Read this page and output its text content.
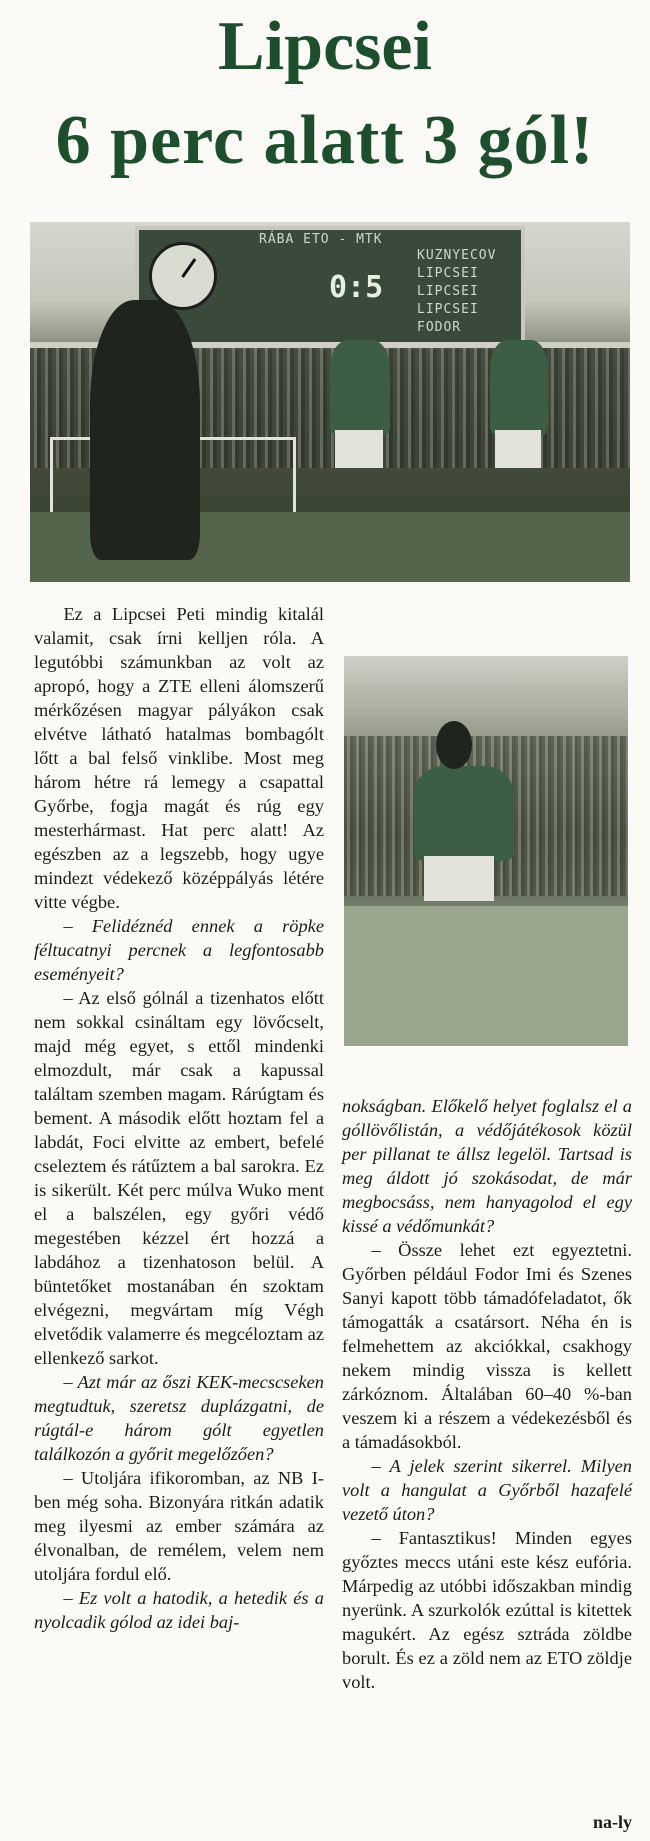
Lipcsei
6 perc alatt 3 gól!
RÁBA ETO - MTK
0:5
KUZNYECOV
LIPCSEI
LIPCSEI
LIPCSEI
FODOR

Ez a Lipcsei Peti mindig kitalál valamit, csak írni kelljen róla. A legutóbbi számunkban az volt az apropó, hogy a ZTE elleni álomszerű mérkőzésen magyar pályákon csak elvétve látható hatalmas bombagólt lőtt a bal felső vinklibe. Most meg három hétre rá lemegy a csapattal Győrbe, fogja magát és rúg egy mesterhármast. Hat perc alatt! Az egészben az a legszebb, hogy ugye mindezt védekező középpályás létére vitte végbe.

– Felidéznéd ennek a röpke féltucatnyi percnek a legfontosabb eseményeit?

– Az első gólnál a tizenhatos előtt nem sokkal csináltam egy lövőcselt, majd még egyet, s ettől mindenki elmozdult, már csak a kapussal találtam szemben magam. Rárúgtam és bement. A második előtt hoztam fel a labdát, Foci elvitte az embert, befelé cseleztem és rátűztem a bal sarokra. Ez is sikerült. Két perc múlva Wuko ment el a balszélen, egy győri védő megestében kézzel ért hozzá a labdához a tizenhatoson belül. A büntetőket mostanában én szoktam elvégezni, megvártam míg Végh elvetődik valamerre és megcéloztam az ellenkező sarkot.

– Azt már az őszi KEK-mecscseken megtudtuk, szeretsz duplázgatni, de rúgtál-e három gólt egyetlen találkozón a győrit megelőzően?

– Utoljára ifikoromban, az NB I-ben még soha. Bizonyára ritkán adatik meg ilyesmi az ember számára az élvonalban, de remélem, velem nem utoljára fordul elő.

– Ez volt a hatodik, a hetedik és a nyolcadik gólod az idei baj-

nokságban. Előkelő helyet foglalsz el a góllövőlistán, a védőjátékosok közül per pillanat te állsz legelöl. Tartsad is meg áldott jó szokásodat, de már megbocsáss, nem hanyagolod el egy kissé a védőmunkát?

– Össze lehet ezt egyeztetni. Győrben például Fodor Imi és Szenes Sanyi kapott több támadófeladatot, ők támogatták a csatársort. Néha én is felmehettem az akciókkal, csakhogy nekem mindig vissza is kellett zárkóznom. Általában 60–40 %-ban veszem ki a részem a védekezésből és a támadásokból.

– A jelek szerint sikerrel. Milyen volt a hangulat a Győrből hazafelé vezető úton?

– Fantasztikus! Minden egyes győztes meccs utáni este kész eufória. Márpedig az utóbbi időszakban mindig nyerünk. A szurkolók ezúttal is kitettek magukért. Az egész sztráda zöldbe borult. És ez a zöld nem az ETO zöldje volt.

na-ly
